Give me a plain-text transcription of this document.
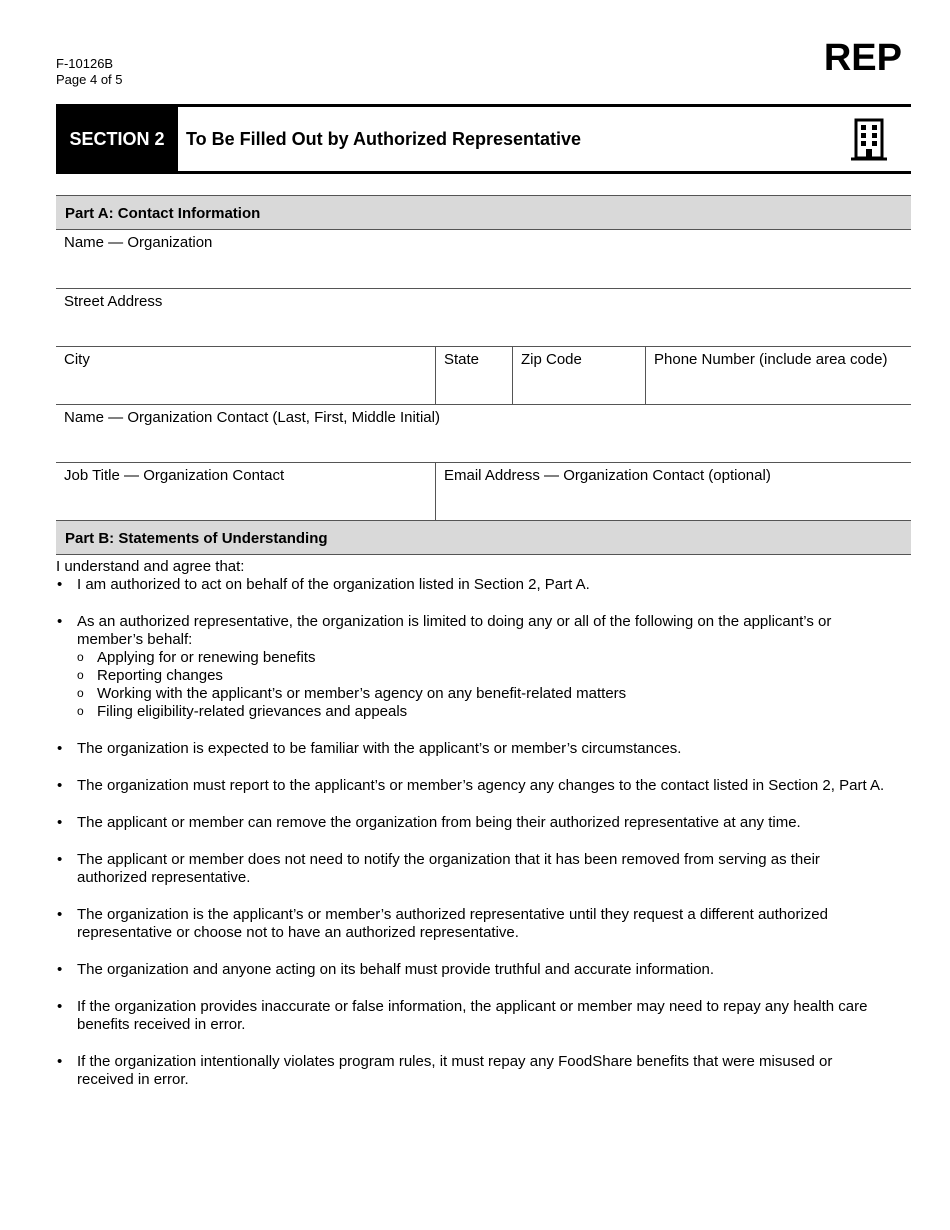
F-10126B
Page 4 of 5
REP
SECTION 2	To Be Filled Out by Authorized Representative
Part A: Contact Information
Name — Organization
Street Address
City	State	Zip Code	Phone Number (include area code)
Name — Organization Contact (Last, First, Middle Initial)
Job Title — Organization Contact	Email Address — Organization Contact (optional)
Part B: Statements of Understanding

I understand and agree that:

• I am authorized to act on behalf of the organization listed in Section 2, Part A.
• As an authorized representative, the organization is limited to doing any or all of the following on the applicant’s or member’s behalf:
o Applying for or renewing benefits
o Reporting changes
o Working with the applicant’s or member’s agency on any benefit-related matters
o Filing eligibility-related grievances and appeals
• The organization is expected to be familiar with the applicant’s or member’s circumstances.
• The organization must report to the applicant’s or member’s agency any changes to the contact listed in Section 2, Part A.
• The applicant or member can remove the organization from being their authorized representative at any time.
• The applicant or member does not need to notify the organization that it has been removed from serving as their authorized representative.
• The organization is the applicant’s or member’s authorized representative until they request a different authorized representative or choose not to have an authorized representative.
• The organization and anyone acting on its behalf must provide truthful and accurate information.
• If the organization provides inaccurate or false information, the applicant or member may need to repay any health care benefits received in error.
• If the organization intentionally violates program rules, it must repay any FoodShare benefits that were misused or received in error.
